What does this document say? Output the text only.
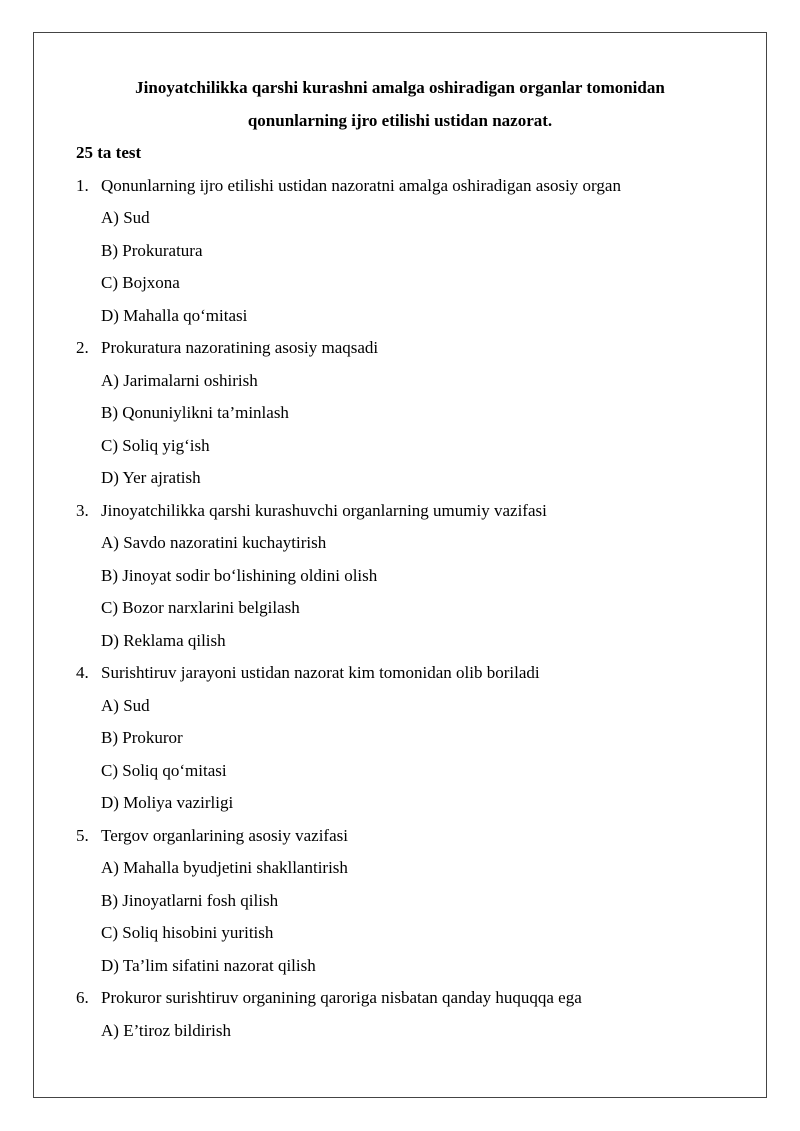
Jinoyatchilikka qarshi kurashni amalga oshiradigan organlar tomonidan
qonunlarning ijro etilishi ustidan nazorat.
25 ta test
1. Qonunlarning ijro etilishi ustidan nazoratni amalga oshiradigan asosiy organ
A) Sud
B) Prokuratura
C) Bojxona
D) Mahalla qo‘mitasi
2. Prokuratura nazoratining asosiy maqsadi
A) Jarimalarni oshirish
B) Qonuniylikni ta’minlash
C) Soliq yig‘ish
D) Yer ajratish
3. Jinoyatchilikka qarshi kurashuvchi organlarning umumiy vazifasi
A) Savdo nazoratini kuchaytirish
B) Jinoyat sodir bo‘lishining oldini olish
C) Bozor narxlarini belgilash
D) Reklama qilish
4. Surishtiruv jarayoni ustidan nazorat kim tomonidan olib boriladi
A) Sud
B) Prokuror
C) Soliq qo‘mitasi
D) Moliya vazirligi
5. Tergov organlarining asosiy vazifasi
A) Mahalla byudjetini shakllantirish
B) Jinoyatlarni fosh qilish
C) Soliq hisobini yuritish
D) Ta’lim sifatini nazorat qilish
6. Prokuror surishtiruv organining qaroriga nisbatan qanday huquqqa ega
A) E’tiroz bildirish
